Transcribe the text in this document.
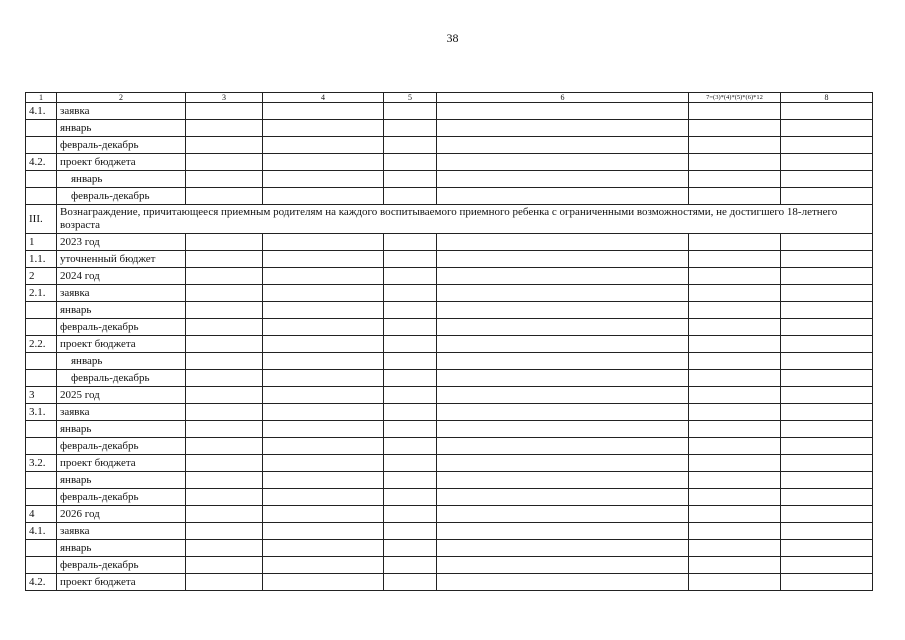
38
1	2	3	4	5	6	7=(3)*(4)*(5)*(6)*12	8
4.1.	заявка						
	январь						
	февраль-декабрь						
4.2.	проект бюджета						
	январь						
	февраль-декабрь						
III.	Вознаграждение, причитающееся приемным родителям на каждого воспитываемого приемного ребенка с ограниченными возможностями, не достигшего 18-летнего возраста						
1	2023 год						
1.1.	уточненный бюджет						
2	2024 год						
2.1.	заявка						
	январь						
	февраль-декабрь						
2.2.	проект бюджета						
	январь						
	февраль-декабрь						
3	2025 год						
3.1.	заявка						
	январь						
	февраль-декабрь						
3.2.	проект бюджета						
	январь						
	февраль-декабрь						
4	2026 год						
4.1.	заявка						
	январь						
	февраль-декабрь						
4.2.	проект бюджета						
